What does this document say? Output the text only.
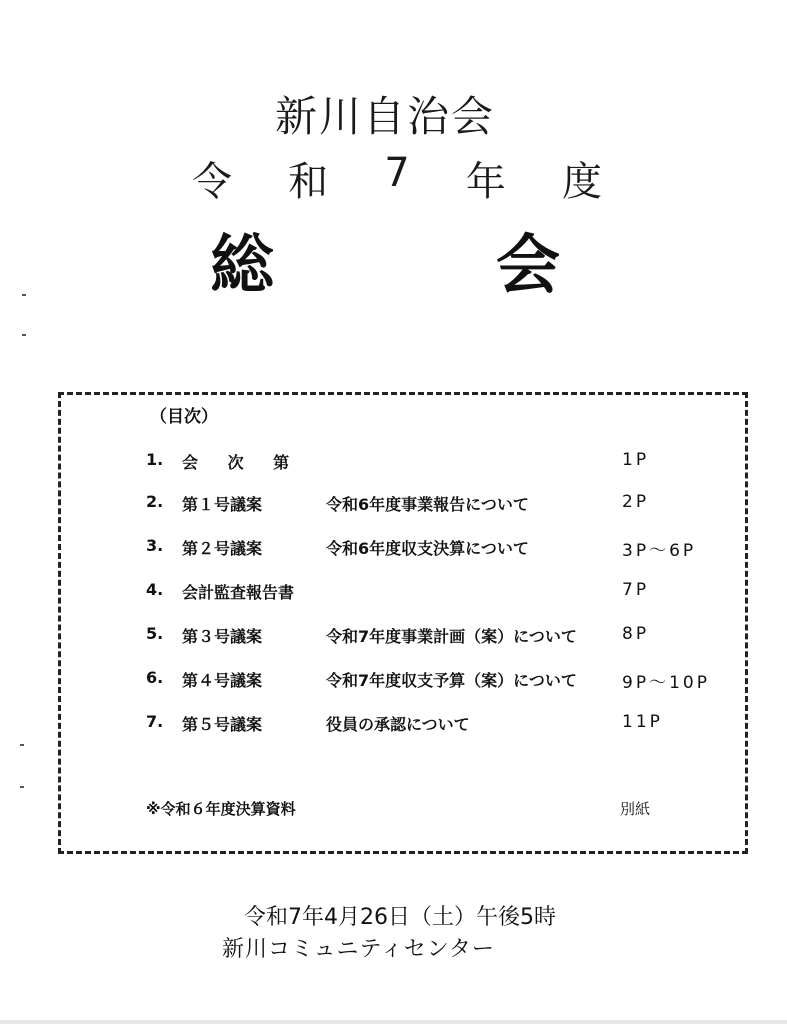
新川自治会
令 和 7 年 度
総	会
（目次）
1.	会 次 第	1P
2.	第１号議案	令和6年度事業報告について	2P
3.	第２号議案	令和6年度収支決算について	3P～6P
4.	会計監査報告書	7P
5.	第３号議案	令和7年度事業計画（案）について	8P
6.	第４号議案	令和7年度収支予算（案）について	9P～10P
7.	第５号議案	役員の承認について	11P
※令和６年度決算資料	別紙
令和7年4月26日（土）午後5時
新川コミュニティセンター
